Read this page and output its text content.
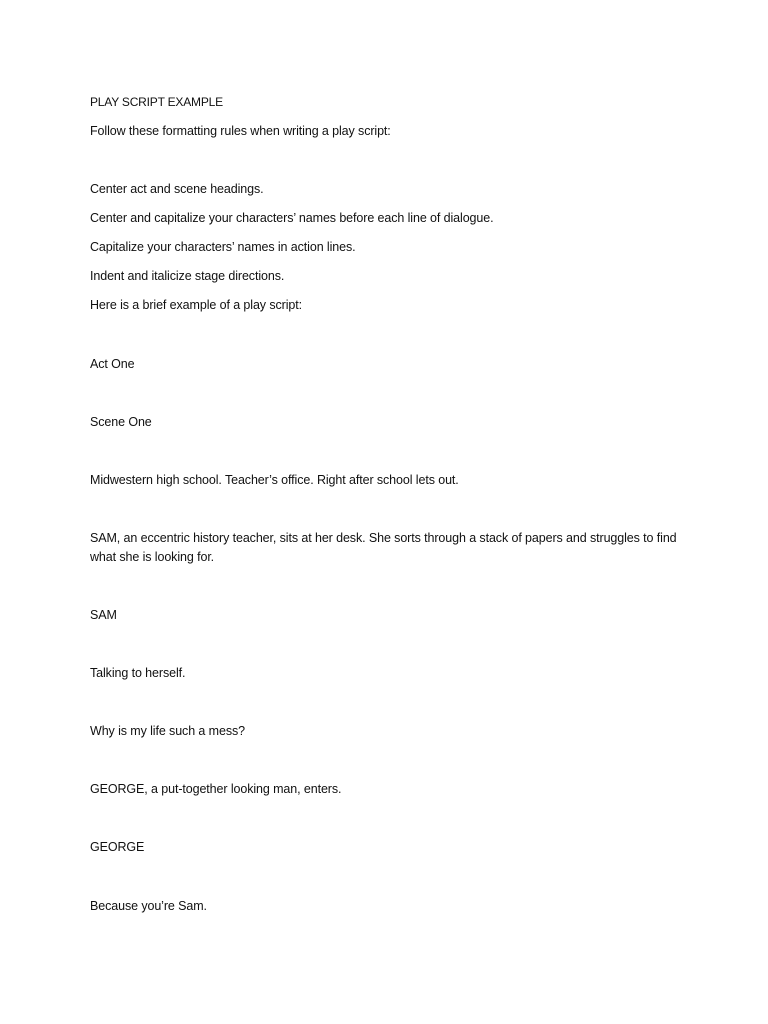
PLAY SCRIPT EXAMPLE
Follow these formatting rules when writing a play script:
Center act and scene headings.
Center and capitalize your characters’ names before each line of dialogue.
Capitalize your characters’ names in action lines.
Indent and italicize stage directions.
Here is a brief example of a play script:
Act One
Scene One
Midwestern high school. Teacher’s office. Right after school lets out.
SAM, an eccentric history teacher, sits at her desk. She sorts through a stack of papers and struggles to find what she is looking for.
SAM
Talking to herself.
Why is my life such a mess?
GEORGE, a put-together looking man, enters.
GEORGE
Because you’re Sam.
